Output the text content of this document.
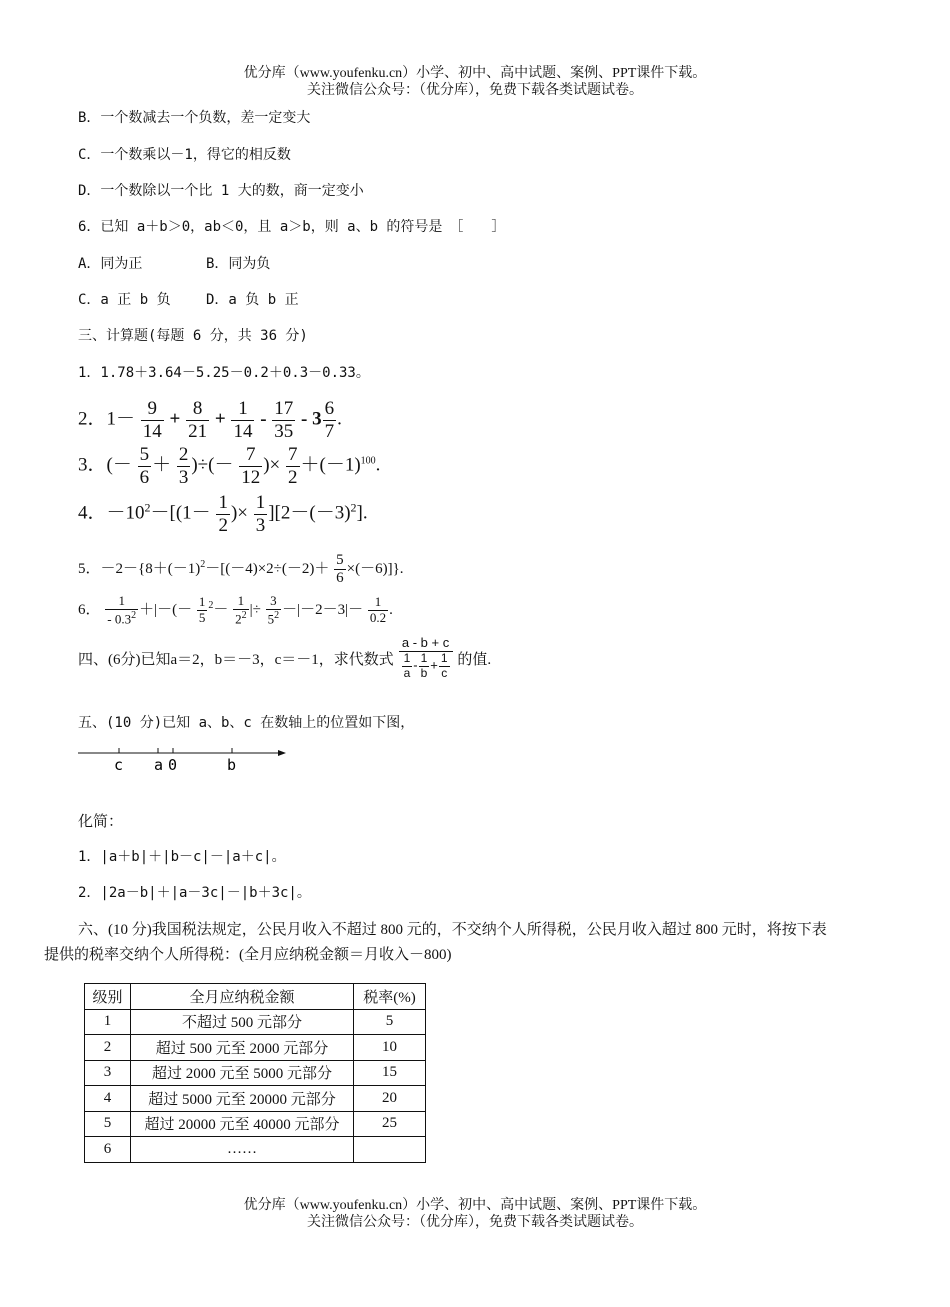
优分库（www.youfenku.cn）小学、初中、高中试题、案例、PPT课件下载。
关注微信公众号：（优分库），免费下载各类试题试卷。
B．一个数减去一个负数，差一定变大
C．一个数乘以－1，得它的相反数
D．一个数除以一个比 1 大的数，商一定变小
6．已知 a＋b＞0，ab＜0，且 a＞b，则 a、b 的符号是　［　　］
A．同为正	B．同为负
C．a 正 b 负	D．a 负 b 正
三、计算题(每题 6 分，共 36 分)
1．1.78＋3.64－5.25－0.2＋0.3－0.33。
2．$1- \frac{9}{14} + \frac{8}{21} + \frac{1}{14} - \frac{17}{35} - 3 \frac{6}{7}$ .
3．(－ $\frac{5}{6} + \frac{2}{3}$ )÷(－ $\frac{7}{12}$ )× $\frac{7}{2} +(-1)^{100}$.
4．$-10^2-[(1- \frac{1}{2}$ )× $\frac{1}{3} ][2-(-3)^2]$.
5．$-2-\{8+(-1)^2-[(-4)\times 2\div(-2)+ \frac{5}{6} \times(-6)]\}$.
6． $\frac{1}{- 0.3^2}$ ＋|－(－ $\frac{1}{5} ^2- \frac{1}{2^2}$ |÷ $\frac{3}{5^2} -|-2-3|- \frac{1}{0.2}$ .
四、(6分)已知a＝2，b＝－3，c＝－1，求代数式 $\frac{a - b + c}{\frac{1}{a} - \frac{1}{b} + \frac{1}{c}}$ 的值.
五、(10 分)已知 a、b、c 在数轴上的位置如下图，
c a 0	b
化简：
1．|a＋b|＋|b－c|－|a＋c|。
2．|2a－b|＋|a－3c|－|b＋3c|。
六、(10 分)我国税法规定，公民月收入不超过 800 元的，不交纳个人所得税，公民月收入超过 800 元时，将按下表
提供的税率交纳个人所得税：(全月应纳税金额＝月收入－800)
级别	全月应纳税金额	税率(%)
1	不超过 500 元部分	5
2	超过 500 元至 2000 元部分	10
3	超过 2000 元至 5000 元部分	15
4	超过 5000 元至 20000 元部分	20
5	超过 20000 元至 40000 元部分	25
6	……	
优分库（www.youfenku.cn）小学、初中、高中试题、案例、PPT课件下载。
关注微信公众号：（优分库），免费下载各类试题试卷。
